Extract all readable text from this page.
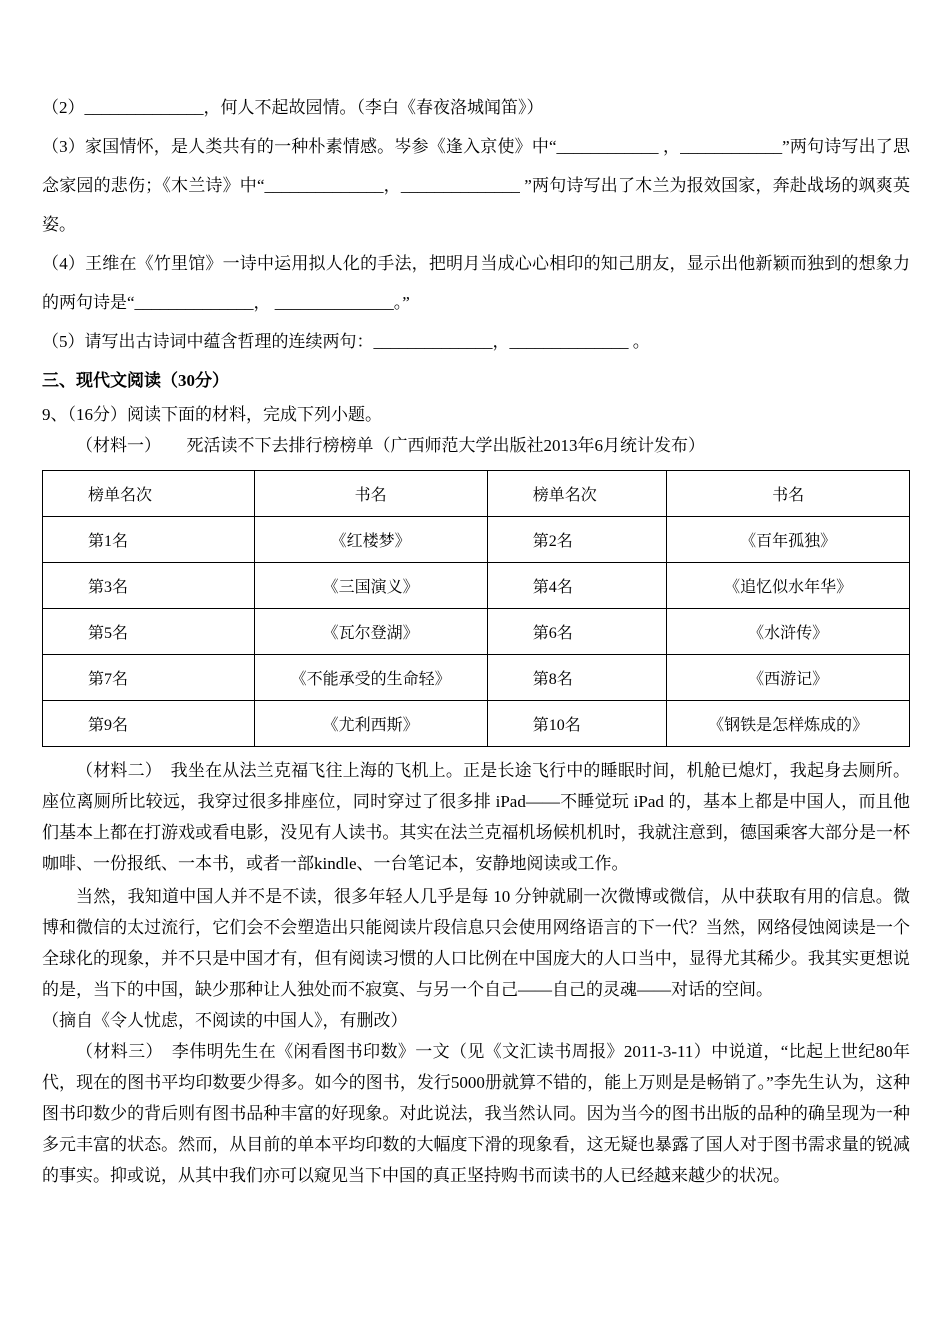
（2）______________，何人不起故园情。（李白《春夜洛城闻笛》）

（3）家国情怀，是人类共有的一种朴素情感。岑参《逢入京使》中“____________ ，____________”两句诗写出了思念家园的悲伤；《木兰诗》中“______________，______________ ”两句诗写出了木兰为报效国家，奔赴战场的飒爽英姿。

（4）王维在《竹里馆》一诗中运用拟人化的手法，把明月当成心心相印的知己朋友，显示出他新颖而独到的想象力的两句诗是“______________， ______________。”

（5）请写出古诗词中蕴含哲理的连续两句：______________，______________ 。

三、现代文阅读（30分）

9、（16分）阅读下面的材料，完成下列小题。

（材料一）　　死活读不下去排行榜榜单（广西师范大学出版社2013年6月统计发布）

榜单名次	书名	榜单名次	书名
第1名	《红楼梦》	第2名	《百年孤独》
第3名	《三国演义》	第4名	《追忆似水年华》
第5名	《瓦尔登湖》	第6名	《水浒传》
第7名	《不能承受的生命轻》	第8名	《西游记》
第9名	《尤利西斯》	第10名	《钢铁是怎样炼成的》

（材料二）　我坐在从法兰克福飞往上海的飞机上。正是长途飞行中的睡眠时间，机舱已熄灯，我起身去厕所。座位离厕所比较远，我穿过很多排座位，同时穿过了很多排 iPad——不睡觉玩 iPad 的，基本上都是中国人，而且他们基本上都在打游戏或看电影，没见有人读书。其实在法兰克福机场候机机时，我就注意到，德国乘客大部分是一杯咖啡、一份报纸、一本书，或者一部kindle、一台笔记本，安静地阅读或工作。

当然，我知道中国人并不是不读，很多年轻人几乎是每 10 分钟就刷一次微博或微信，从中获取有用的信息。微博和微信的太过流行，它们会不会塑造出只能阅读片段信息只会使用网络语言的下一代？当然，网络侵蚀阅读是一个全球化的现象，并不只是中国才有，但有阅读习惯的人口比例在中国庞大的人口当中，显得尤其稀少。我其实更想说的是，当下的中国，缺少那种让人独处而不寂寞、与另一个自己——自己的灵魂——对话的空间。

（摘自《令人忧虑，不阅读的中国人》，有删改）

（材料三）　李伟明先生在《闲看图书印数》一文（见《文汇读书周报》2011-3-11）中说道，“比起上世纪80年代，现在的图书平均印数要少得多。如今的图书，发行5000册就算不错的，能上万则是是畅销了。”李先生认为，这种图书印数少的背后则有图书品种丰富的好现象。对此说法，我当然认同。因为当今的图书出版的品种的确呈现为一种多元丰富的状态。然而，从目前的单本平均印数的大幅度下滑的现象看，这无疑也暴露了国人对于图书需求量的锐减的事实。抑或说，从其中我们亦可以窥见当下中国的真正坚持购书而读书的人已经越来越少的状况。
